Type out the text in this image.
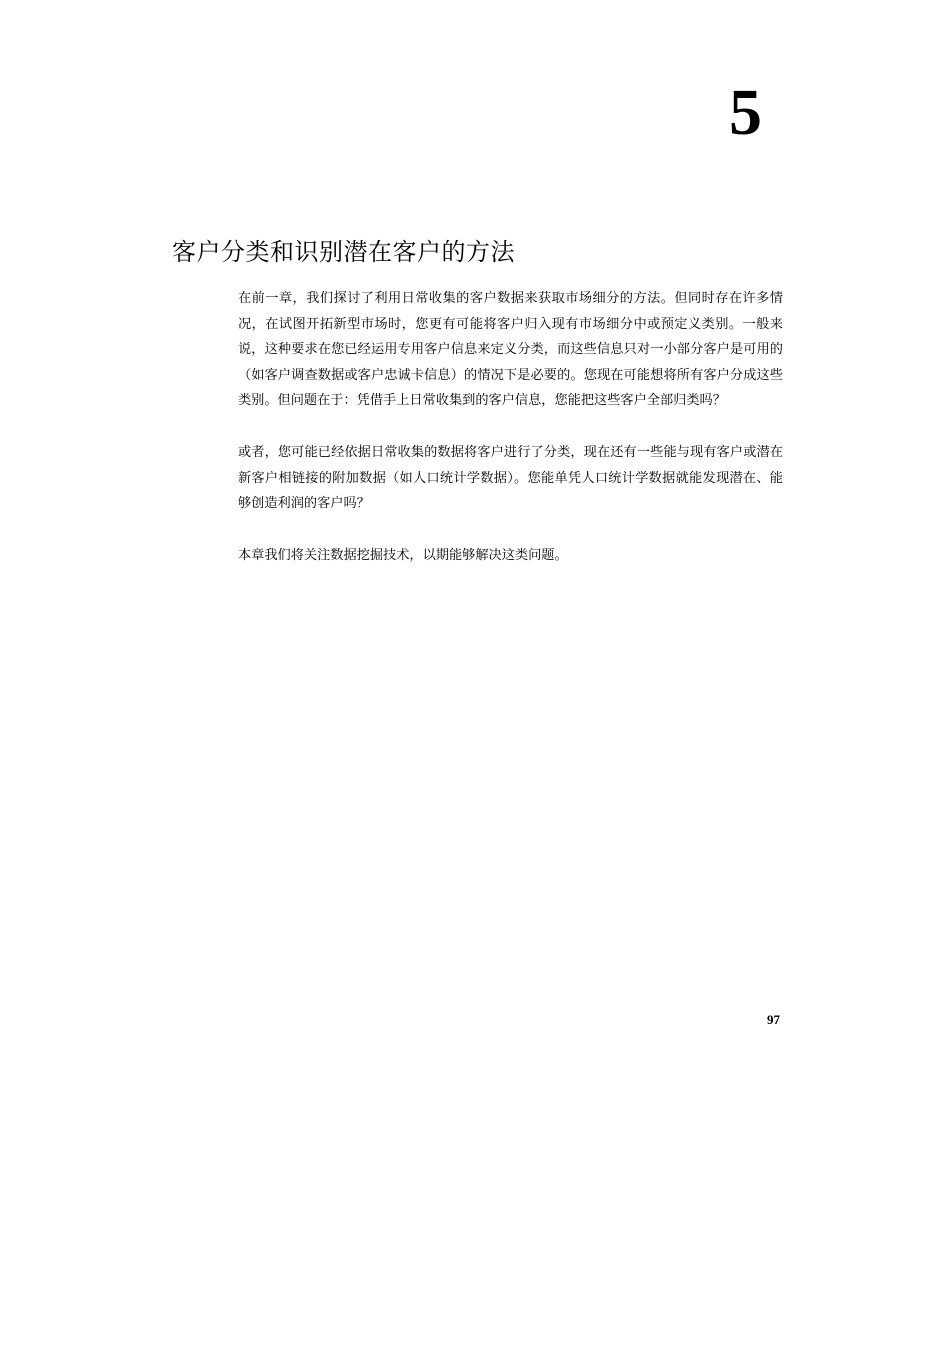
5
客户分类和识别潜在客户的方法

在前一章，我们探讨了利用日常收集的客户数据来获取市场细分的方法。但同时存在许多情况，在试图开拓新型市场时，您更有可能将客户归入现有市场细分中或预定义类别。一般来说，这种要求在您已经运用专用客户信息来定义分类，而这些信息只对一小部分客户是可用的（如客户调查数据或客户忠诚卡信息）的情况下是必要的。您现在可能想将所有客户分成这些类别。但问题在于：凭借手上日常收集到的客户信息，您能把这些客户全部归类吗？

或者，您可能已经依据日常收集的数据将客户进行了分类，现在还有一些能与现有客户或潜在新客户相链接的附加数据（如人口统计学数据）。您能单凭人口统计学数据就能发现潜在、能够创造利润的客户吗？

本章我们将关注数据挖掘技术，以期能够解决这类问题。

97
